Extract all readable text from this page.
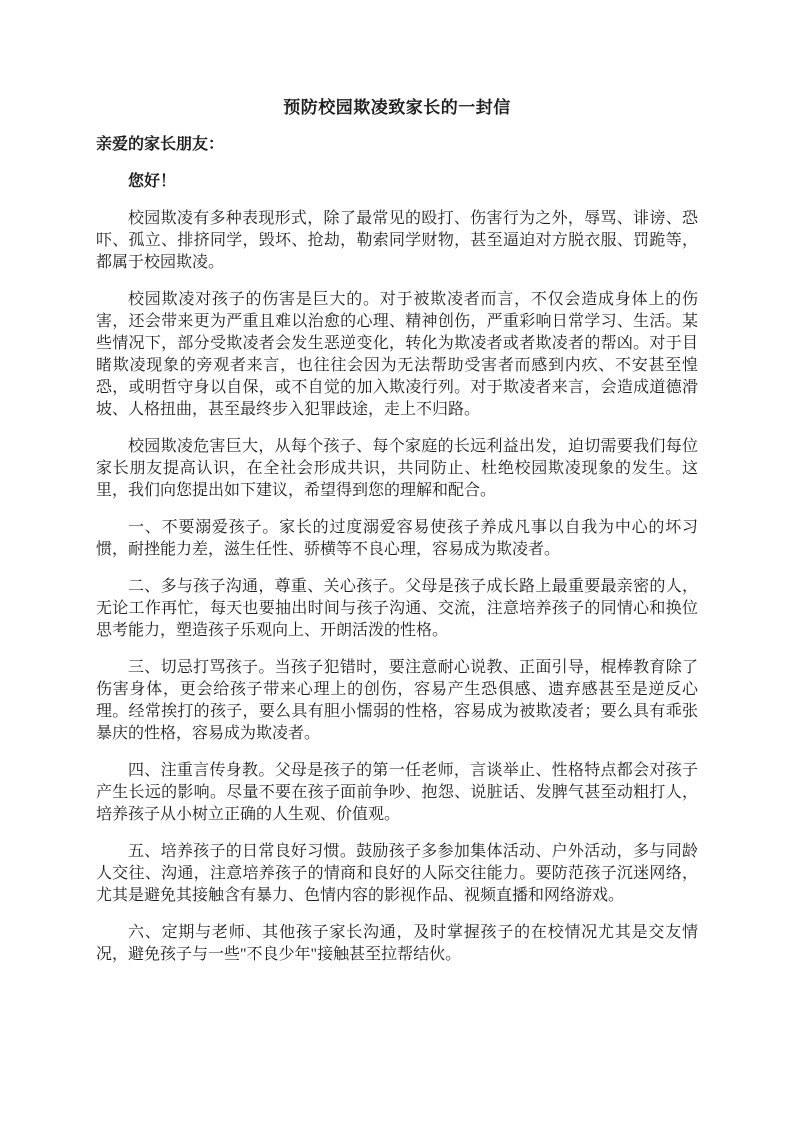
预防校园欺凌致家长的一封信

亲爱的家长朋友：

您好！

校园欺凌有多种表现形式，除了最常见的殴打、伤害行为之外，辱骂、诽谤、恐吓、孤立、排挤同学，毁坏、抢劫，勒索同学财物，甚至逼迫对方脱衣服、罚跪等，都属于校园欺凌。

校园欺凌对孩子的伤害是巨大的。对于被欺凌者而言，不仅会造成身体上的伤害，还会带来更为严重且难以治愈的心理、精神创伤，严重彩响日常学习、生活。某些情况下，部分受欺凌者会发生恶逆变化，转化为欺凌者或者欺凌者的帮凶。对于目睹欺凌现象的旁观者来言，也往往会因为无法帮助受害者而感到内疚、不安甚至惶恐，或明哲守身以自保，或不自觉的加入欺凌行列。对于欺凌者来言，会造成道德滑坡、人格扭曲，甚至最终步入犯罪歧途，走上不归路。

校园欺凌危害巨大，从每个孩子、每个家庭的长远利益出发，迫切需要我们每位家长朋友提高认识，在全社会形成共识，共同防止、杜绝校园欺凌现象的发生。这里，我们向您提出如下建议，希望得到您的理解和配合。

一、不要溺爱孩子。家长的过度溺爱容易使孩子养成凡事以自我为中心的坏习惯，耐挫能力差，滋生任性、骄横等不良心理，容易成为欺凌者。

二、多与孩子沟通，尊重、关心孩子。父母是孩子成长路上最重要最亲密的人，无论工作再忙，每天也要抽出时间与孩子沟通、交流，注意培养孩子的同情心和换位思考能力，塑造孩子乐观向上、开朗活泼的性格。

三、切忌打骂孩子。当孩子犯错时，要注意耐心说教、正面引导，棍棒教育除了伤害身体，更会给孩子带来心理上的创伤，容易产生恐俱感、遗弃感甚至是逆反心理。经常挨打的孩子，要么具有胆小懦弱的性格，容易成为被欺凌者；要么具有乖张暴庆的性格，容易成为欺凌者。

四、注重言传身教。父母是孩子的第一任老师，言谈举止、性格特点都会对孩子产生长远的影响。尽量不要在孩子面前争吵、抱怨、说脏话、发脾气甚至动粗打人，培养孩子从小树立正确的人生观、价值观。

五、培养孩子的日常良好习惯。鼓励孩子多参加集体活动、户外活动，多与同龄人交往、沟通，注意培养孩子的情商和良好的人际交往能力。要防范孩子沉迷网络，尤其是避免其接触含有暴力、色情内容的影视作品、视频直播和网络游戏。

六、定期与老师、其他孩子家长沟通，及时掌握孩子的在校情况尤其是交友情况，避免孩子与一些"不良少年"接触甚至拉帮结伙。
